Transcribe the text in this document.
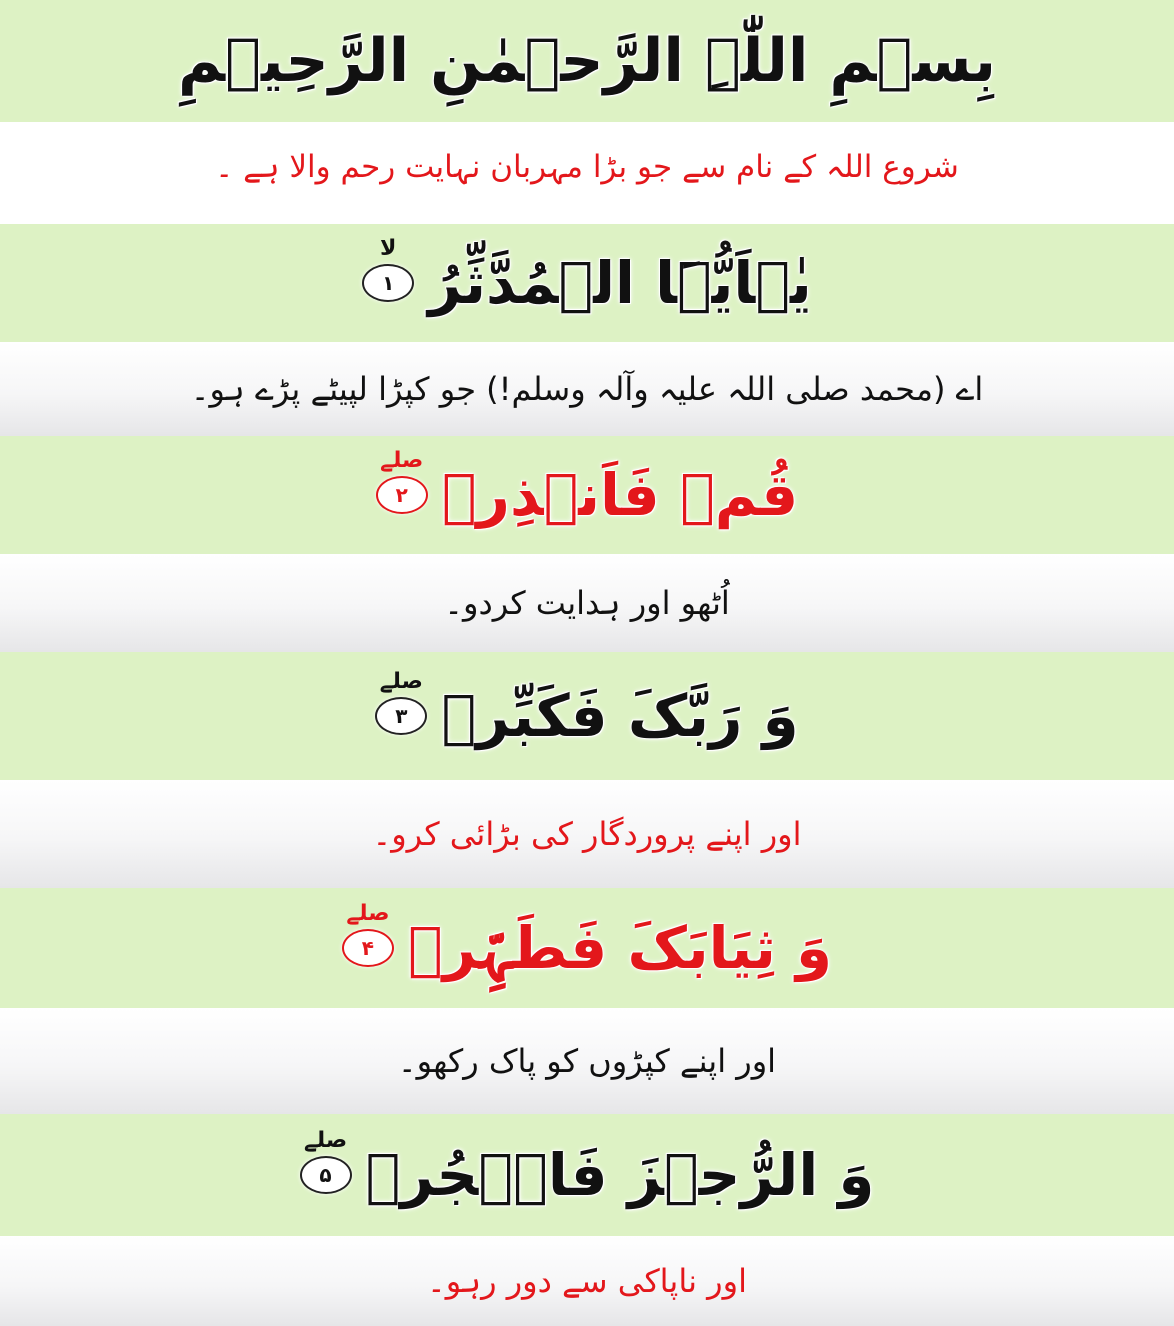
بِسۡمِ اللّٰہِ الرَّحۡمٰنِ الرَّحِیۡمِ
شروع اللہ کے نام سے جو بڑا مہربان نہایت رحم والا ہے ۔
یٰۤاَیُّہَا الۡمُدَّثِّرُ
۱
لا
اے (محمد صلی اللہ علیہ وآلہ وسلم!) جو کپڑا لپیٹے پڑے ہو۔
قُمۡ فَاَنۡذِرۡ
۲
صلے
اُٹھو اور ہدایت کردو۔
وَ رَبَّکَ فَکَبِّرۡ
۳
صلے
اور اپنے پروردگار کی بڑائی کرو۔
وَ ثِیَابَکَ فَطَہِّرۡ
۴
صلے
اور اپنے کپڑوں کو پاک رکھو۔
وَ الرُّجۡزَ فَاہۡجُرۡ
۵
صلے
اور ناپاکی سے دور رہو۔
